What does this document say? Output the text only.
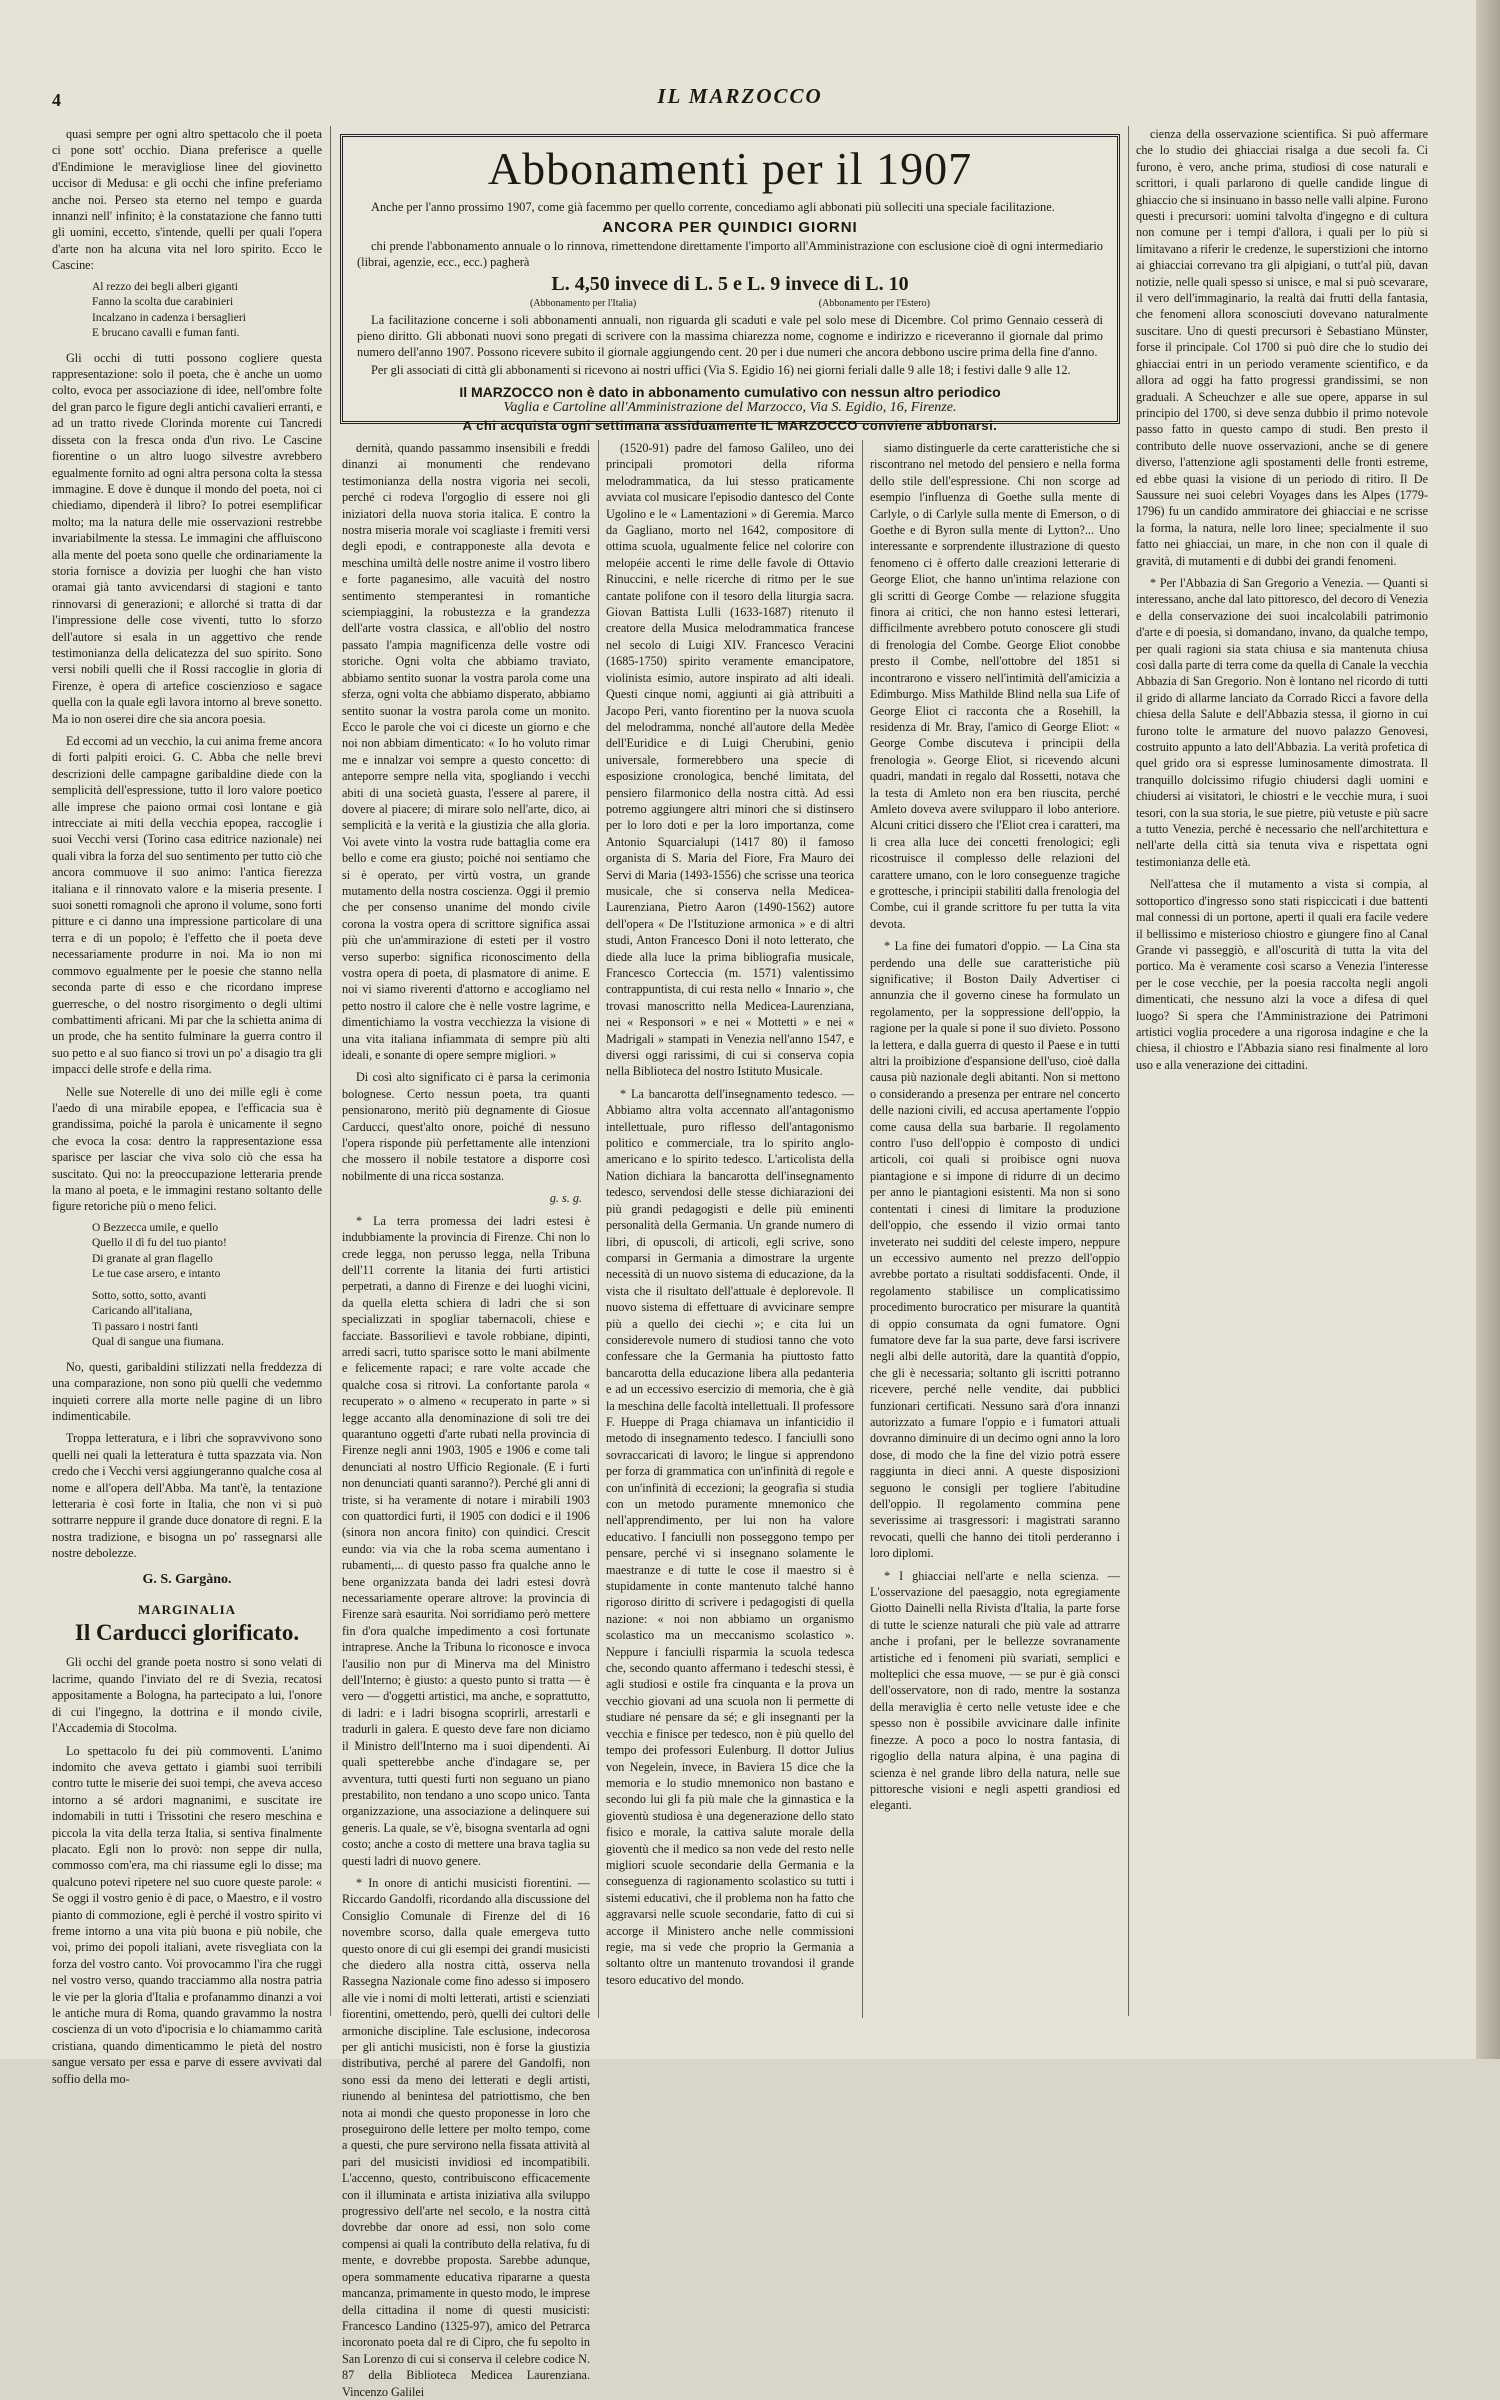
4	IL MARZOCCO

quasi sempre per ogni altro spettacolo che il poeta ci pone sott' occhio. Diana preferisce a quelle d'Endimione le meravigliose linee del giovinetto uccisor di Medusa: e gli occhi che infine preferiamo anche noi. Perseo sta eterno nel tempo e guarda innanzi nell' infinito; è la constatazione che fanno tutti gli uomini, eccetto, s'intende, quelli per quali l'opera d'arte non ha alcuna vita nel loro spirito. Ecco le Cascine:

Al rezzo dei begli alberi giganti
Fanno la scolta due carabinieri
Incalzano in cadenza i bersaglieri
E brucano cavalli e fuman fanti.

Gli occhi di tutti possono cogliere questa rappresentazione: solo il poeta, che è anche un uomo colto, evoca per associazione di idee, nell'ombre folte del gran parco le figure degli antichi cavalieri erranti, e ad un tratto rivede Clorinda morente cui Tancredi disseta con la fresca onda d'un rivo. Le Cascine fiorentine o un altro luogo silvestre avrebbero egualmente fornito ad ogni altra persona colta la stessa immagine. E dove è dunque il mondo del poeta, noi ci chiediamo, dipenderà il libro? Io potrei esemplificar molto; ma la natura delle mie osservazioni restrebbe invariabilmente la stessa. Le immagini che affluiscono alla mente del poeta sono quelle che ordinariamente la storia fornisce a dovizia per luoghi che han visto oramai già tanto avvicendarsi di stagioni e tanto rinnovarsi di generazioni; e allorché si tratta di dar l'impressione delle cose viventi, tutto lo sforzo dell'autore si esala in un aggettivo che rende testimonianza della delicatezza del suo spirito. Sono versi nobili quelli che il Rossi raccoglie in gloria di Firenze, è opera di artefice coscienzioso e sagace quella con la quale egli lavora intorno al breve sonetto. Ma io non oserei dire che sia ancora poesia.

Ed eccomi ad un vecchio, la cui anima freme ancora di forti palpiti eroici. G. C. Abba che nelle brevi descrizioni delle campagne garibaldine diede con la semplicità dell'espressione, tutto il loro valore poetico alle imprese che paiono ormai così lontane e già intrecciate ai miti della vecchia epopea, raccoglie i suoi Vecchi versi (Torino casa editrice nazionale) nei quali vibra la forza del suo sentimento per tutto ciò che ancora commuove il suo animo: l'antica fierezza italiana e il rinnovato valore e la miseria presente. I suoi sonetti romagnoli che aprono il volume, sono forti pitture e ci danno una impressione particolare di una terra e di un popolo; è l'effetto che il poeta deve necessariamente produrre in noi. Ma io non mi commovo egualmente per le poesie che stanno nella seconda parte di esso e che ricordano imprese guerresche, o del nostro risorgimento o degli ultimi combattimenti africani. Mi par che la schietta anima di un prode, che ha sentito fulminare la guerra contro il suo petto e al suo fianco si trovi un po' a disagio tra gli impacci delle strofe e della rima.

Nelle sue Noterelle di uno dei mille egli è come l'aedo di una mirabile epopea, e l'efficacia sua è grandissima, poiché la parola è unicamente il segno che evoca la cosa: dentro la rappresentazione essa sparisce per lasciar che viva solo ciò che essa ha suscitato. Qui no: la preoccupazione letteraria prende la mano al poeta, e le immagini restano soltanto delle figure retoriche più o meno felici.

O Bezzecca umile, e quello
Quello il dì fu del tuo pianto!
Di granate al gran flagello
Le tue case arsero, e intanto
Sotto, sotto, sotto, avanti
Caricando all'italiana,
Ti passaro i nostri fanti
Qual di sangue una fiumana.

No, questi, garibaldini stilizzati nella freddezza di una comparazione, non sono più quelli che vedemmo inquieti correre alla morte nelle pagine di un libro indimenticabile.

Troppa letteratura, e i libri che sopravvivono sono quelli nei quali la letteratura è tutta spazzata via. Non credo che i Vecchi versi aggiungeranno qualche cosa al nome e all'opera dell'Abba. Ma tant'è, la tentazione letteraria è così forte in Italia, che non vi si può sottrarre neppure il grande duce donatore di regni. E la nostra tradizione, e bisogna un po' rassegnarsi alle nostre debolezze.

G. S. Gargàno.
MARGINALIA
Il Carducci glorificato.

Gli occhi del grande poeta nostro si sono velati di lacrime, quando l'inviato del re di Svezia, recatosi appositamente a Bologna, ha partecipato a lui, l'onore di cui l'ingegno, la dottrina e il mondo civile, l'Accademia di Stocolma.

Lo spettacolo fu dei più commoventi. L'animo indomito che aveva gettato i giambi suoi terribili contro tutte le miserie dei suoi tempi, che aveva acceso intorno a sé ardori magnanimi, e suscitate ire indomabili in tutti i Trissotini che resero meschina e piccola la vita della terza Italia, si sentiva finalmente placato. Egli non lo provò: non seppe dir nulla, commosso com'era, ma chi riassume egli lo disse; ma qualcuno potevi ripetere nel suo cuore queste parole: « Se oggi il vostro genio è di pace, o Maestro, e il vostro pianto di commozione, egli è perché il vostro spirito vi freme intorno a una vita più buona e più nobile, che voi, primo dei popoli italiani, avete risvegliata con la forza del vostro canto. Voi provocammo l'ira che ruggì nel vostro verso, quando tracciammo alla nostra patria le vie per la gloria d'Italia e profanammo dinanzi a voi le antiche mura di Roma, quando gravammo la nostra coscienza di un voto d'ipocrisia e lo chiamammo carità cristiana, quando dimenticammo le pietà del nostro sangue versato per essa e parve di essere avvivati dal soffio della mo-

Abbonamenti per il 1907

Anche per l'anno prossimo 1907, come già facemmo per quello corrente, concediamo agli abbonati più solleciti una speciale facilitazione.

ANCORA PER QUINDICI GIORNI

chi prende l'abbonamento annuale o lo rinnova, rimettendone direttamente l'importo all'Amministrazione con esclusione cioè di ogni intermediario (librai, agenzie, ecc., ecc.) pagherà

L. 4,50 invece di L. 5 e L. 9 invece di L. 10
(Abbonamento per l'Italia)	(Abbonamento per l'Estero)

La facilitazione concerne i soli abbonamenti annuali, non riguarda gli scaduti e vale pel solo mese di Dicembre. Col primo Gennaio cesserà di pieno diritto. Gli abbonati nuovi sono pregati di scrivere con la massima chiarezza nome, cognome e indirizzo e riceveranno il giornale dal primo numero dell'anno 1907. Possono ricevere subito il giornale aggiungendo cent. 20 per i due numeri che ancora debbono uscire prima della fine d'anno.

Per gli associati di città gli abbonamenti si ricevono ai nostri uffici (Via S. Egidio 16) nei giorni feriali dalle 9 alle 18; i festivi dalle 9 alle 12.

Il MARZOCCO non è dato in abbonamento cumulativo con nessun altro periodico
Vaglia e Cartoline all'Amministrazione del Marzocco, Via S. Egidio, 16, Firenze.
A chi acquista ogni settimana assiduamente IL MARZOCCO conviene abbonarsi.

dernità, quando passammo insensibili e freddi dinanzi ai monumenti che rendevano testimonianza della nostra vigoria nei secoli, perché ci rodeva l'orgoglio di essere noi gli iniziatori della nuova storia italica. E contro la nostra miseria morale voi scagliaste i fremiti versi degli epodi, e contrapponeste alla devota e meschina umiltà delle nostre anime il vostro libero e forte paganesimo, alle vacuità del nostro sentimento stemperantesi in romantiche sciempiaggini, la robustezza e la grandezza dell'arte vostra classica, e all'oblio del nostro passato l'ampia magnificenza delle vostre odi storiche. Ogni volta che abbiamo traviato, abbiamo sentito suonar la vostra parola come una sferza, ogni volta che abbiamo disperato, abbiamo sentito suonar la vostra parola come un monito. Ecco le parole che voi ci diceste un giorno e che noi non abbiam dimenticato: « Io ho voluto rimar me e innalzar voi sempre a questo concetto: di anteporre sempre nella vita, spogliando i vecchi abiti di una società guasta, l'essere al parere, il dovere al piacere; di mirare solo nell'arte, dico, ai semplicità e la verità e la giustizia che alla gloria. Voi avete vinto la vostra rude battaglia come era bello e come era giusto; poiché noi sentiamo che si è operato, per virtù vostra, un grande mutamento della nostra coscienza. Oggi il premio che per consenso unanime del mondo civile corona la vostra opera di scrittore significa assai più che un'ammirazione di esteti per il vostro verso superbo: significa riconoscimento della vostra opera di poeta, di plasmatore di anime. E noi vi siamo riverenti d'attorno e accogliamo nel petto nostro il calore che è nelle vostre lagrime, e dimentichiamo la vostra vecchiezza la visione di una vita italiana infiammata di sempre più alti ideali, e sonante di opere sempre migliori. »

Di così alto significato ci è parsa la cerimonia bolognese. Certo nessun poeta, tra quanti pensionarono, meritò più degnamente di Giosue Carducci, quest'alto onore, poiché di nessuno l'opera risponde più perfettamente alle intenzioni che mossero il nobile testatore a disporre così nobilmente di una ricca sostanza.

g. s. g.

* La terra promessa dei ladri estesi è indubbiamente la provincia di Firenze. Chi non lo crede legga, non perusso legga, nella Tribuna dell'11 corrente la litania dei furti artistici perpetrati, a danno di Firenze e dei luoghi vicini, da quella eletta schiera di ladri che si son specializzati in spogliar tabernacoli, chiese e facciate. Bassorilievi e tavole robbiane, dipinti, arredi sacri, tutto sparisce sotto le mani abilmente e felicemente rapaci; e rare volte accade che qualche cosa si ritrovi. La confortante parola « recuperato » o almeno « recuperato in parte » si legge accanto alla denominazione di soli tre dei quarantuno oggetti d'arte rubati nella provincia di Firenze negli anni 1903, 1905 e 1906 e come tali denunciati al nostro Ufficio Regionale. (E i furti non denunciati quanti saranno?). Perché gli anni di triste, si ha veramente di notare i mirabili 1903 con quattordici furti, il 1905 con dodici e il 1906 (sinora non ancora finito) con quindici. Crescit eundo: via via che la roba scema aumentano i rubamenti,... di questo passo fra qualche anno le bene organizzata banda dei ladri estesi dovrà necessariamente operare altrove: la provincia di Firenze sarà esaurita. Noi sorridiamo però mettere fin d'ora qualche impedimento a così fortunate intraprese. Anche la Tribuna lo riconosce e invoca l'ausilio non pur di Minerva ma del Ministro dell'Interno; è giusto: a questo punto si tratta — è vero — d'oggetti artistici, ma anche, e soprattutto, di ladri: e i ladri bisogna scoprirli, arrestarli e tradurli in galera. E questo deve fare non diciamo il Ministro dell'Interno ma i suoi dipendenti. Ai quali spetterebbe anche d'indagare se, per avventura, tutti questi furti non seguano un piano prestabilito, non tendano a uno scopo unico. Tanta organizzazione, una associazione a delinquere sui generis. La quale, se v'è, bisogna sventarla ad ogni costo; anche a costo di mettere una brava taglia su questi ladri di nuovo genere.

* In onore di antichi musicisti fiorentini. — Riccardo Gandolfi, ricordando alla discussione del Consiglio Comunale di Firenze del di 16 novembre scorso, dalla quale emergeva tutto questo onore di cui gli esempi dei grandi musicisti che diedero alla nostra città, osserva nella Rassegna Nazionale come fino adesso si imposero alle vie i nomi di molti letterati, artisti e scienziati fiorentini, omettendo, però, quelli dei cultori delle armoniche discipline. Tale esclusione, indecorosa per gli antichi musicisti, non è forse la giustizia distributiva, perché al parere del Gandolfi, non sono essi da meno dei letterati e degli artisti, riunendo al benintesa del patriottismo, che ben nota ai mondi che questo proponesse in loro che proseguirono delle lettere per molto tempo, come a questi, che pure servirono nella fissata attività al pari del musicisti invidiosi ed incompatibili. L'accenno, questo, contribuiscono efficacemente con il illuminata e artista iniziativa alla sviluppo progressivo dell'arte nel secolo, e la nostra città dovrebbe dar onore ad essi, non solo come compensi ai quali la contributo della relativa, fu di mente, e dovrebbe proposta. Sarebbe adunque, opera sommamente educativa ripararne a questa mancanza, primamente in questo modo, le imprese della cittadina il nome di questi musicisti: Francesco Landino (1325-97), amico del Petrarca incoronato poeta dal re di Cipro, che fu sepolto in San Lorenzo di cui si conserva il celebre codice N. 87 della Biblioteca Medicea Laurenziana. Vincenzo Galilei

(1520-91) padre del famoso Galileo, uno dei principali promotori della riforma melodrammatica, da lui stesso praticamente avviata col musicare l'episodio dantesco del Conte Ugolino e le « Lamentazioni » di Geremia. Marco da Gagliano, morto nel 1642, compositore di ottima scuola, ugualmente felice nel colorire con melopéie accenti le rime delle favole di Ottavio Rinuccini, e nelle ricerche di ritmo per le sue cantate polifone con il tesoro della liturgia sacra. Giovan Battista Lulli (1633-1687) ritenuto il creatore della Musica melodrammatica francese nel secolo di Luigi XIV. Francesco Veracini (1685-1750) spirito veramente emancipatore, violinista esimio, autore inspirato ad alti ideali. Questi cinque nomi, aggiunti ai già attribuiti a Jacopo Peri, vanto fiorentino per la nuova scuola del melodramma, nonché all'autore della Medèe dell'Euridice e di Luigi Cherubini, genio universale, formerebbero una specie di esposizione cronologica, benché limitata, del pensiero filarmonico della nostra città. Ad essi potremo aggiungere altri minori che si distinsero per lo loro doti e per la loro importanza, come Antonio Squarcialupi (1417 80) il famoso organista di S. Maria del Fiore, Fra Mauro dei Servi di Maria (1493-1556) che scrisse una teorica musicale, che si conserva nella Medicea-Laurenziana, Pietro Aaron (1490-1562) autore dell'opera « De l'Istituzione armonica » e di altri studi, Anton Francesco Doni il noto letterato, che diede alla luce la prima bibliografia musicale, Francesco Corteccia (m. 1571) valentissimo contrappuntista, di cui resta nello « Innario », che trovasi manoscritto nella Medicea-Laurenziana, nei « Responsori » e nei « Mottetti » e nei « Madrigali » stampati in Venezia nell'anno 1547, e diversi oggi rarissimi, di cui si conserva copia nella Biblioteca del nostro Istituto Musicale.

* La bancarotta dell'insegnamento tedesco. — Abbiamo altra volta accennato all'antagonismo intellettuale, puro riflesso dell'antagonismo politico e commerciale, tra lo spirito anglo-americano e lo spirito tedesco. L'articolista della Nation dichiara la bancarotta dell'insegnamento tedesco, servendosi delle stesse dichiarazioni dei più grandi pedagogisti e delle più eminenti personalità della Germania. Un grande numero di libri, di opuscoli, di articoli, egli scrive, sono comparsi in Germania a dimostrare la urgente necessità di un nuovo sistema di educazione, da la vista che il risultato dell'attuale è deplorevole. Il nuovo sistema di effettuare di avvicinare sempre più a quello dei ciechi »; e cita lui un considerevole numero di studiosi tanno che voto confessare che la Germania ha piuttosto fatto bancarotta della educazione libera alla pedanteria e ad un eccessivo esercizio di memoria, che è già la meschina delle facoltà intellettuali. Il professore F. Hueppe di Praga chiamava un infanticidio il metodo di insegnamento tedesco. I fanciulli sono sovraccaricati di lavoro; le lingue si apprendono per forza di grammatica con un'infinità di regole e con un'infinità di eccezioni; la geografia si studia con un metodo puramente mnemonico che nell'apprendimento, per lui non ha valore educativo. I fanciulli non posseggono tempo per pensare, perché vi si insegnano solamente le maestranze e di tutte le cose il maestro si è stupidamente in conte mantenuto talché hanno rigoroso diritto di scrivere i pedagogisti di quella nazione: « noi non abbiamo un organismo scolastico ma un meccanismo scolastico ». Neppure i fanciulli risparmia la scuola tedesca che, secondo quanto affermano i tedeschi stessi, è agli studiosi e ostile fra cinquanta e la prova un vecchio giovani ad una scuola non li permette di studiare né pensare da sé; e gli insegnanti per la vecchia e finisce per tedesco, non è più quello del tempo dei professori Eulenburg. Il dottor Julius von Negelein, invece, in Baviera 15 dice che la memoria e lo studio mnemonico non bastano e secondo lui gli fa più male che la ginnastica e la gioventù studiosa è una degenerazione dello stato fisico e morale, la cattiva salute morale della gioventù che il medico sa non vede del resto nelle migliori scuole secondarie della Germania e la conseguenza di ragionamento scolastico su tutti i sistemi educativi, che il problema non ha fatto che aggravarsi nelle scuole secondarie, fatto di cui si accorge il Ministero anche nelle commissioni regie, ma si vede che proprio la Germania a soltanto oltre un mantenuto trovandosi il grande tesoro educativo del mondo.

siamo distinguerle da certe caratteristiche che si riscontrano nel metodo del pensiero e nella forma dello stile dell'espressione. Chi non scorge ad esempio l'influenza di Goethe sulla mente di Carlyle, o di Carlyle sulla mente di Emerson, o di Goethe e di Byron sulla mente di Lytton?... Uno interessante e sorprendente illustrazione di questo fenomeno ci è offerto dalle creazioni letterarie di George Eliot, che hanno un'intima relazione con gli scritti di George Combe — relazione sfuggita finora ai critici, che non hanno estesi letterari, difficilmente avrebbero potuto conoscere gli studi di frenologia del Combe. George Eliot conobbe presto il Combe, nell'ottobre del 1851 si incontrarono e vissero nell'intimità dell'amicizia a Edimburgo. Miss Mathilde Blind nella sua Life of George Eliot ci racconta che a Rosehill, la residenza di Mr. Bray, l'amico di George Eliot: « George Combe discuteva i principii della frenologia ». George Eliot, si ricevendo alcuni quadri, mandati in regalo dal Rossetti, notava che la testa di Amleto non era ben riuscita, perché Amleto doveva avere svilupparo il lobo anteriore. Alcuni critici dissero che l'Eliot crea i caratteri, ma li crea alla luce dei concetti frenologici; egli ricostruisce il complesso delle relazioni del carattere umano, con le loro conseguenze tragiche e grottesche, i principii stabiliti dalla frenologia del Combe, cui il grande scrittore fu per tutta la vita devota.

* La fine dei fumatori d'oppio. — La Cina sta perdendo una delle sue caratteristiche più significative; il Boston Daily Advertiser ci annunzia che il governo cinese ha formulato un regolamento, per la soppressione dell'oppio, la ragione per la quale si pone il suo divieto. Possono la lettera, e dalla guerra di questo il Paese e in tutti altri la proibizione d'espansione dell'uso, cioè dalla causa più nazionale degli abitanti. Non si mettono o considerando a presenza per entrare nel concerto delle nazioni civili, ed accusa apertamente l'oppio come causa della sua barbarie. Il regolamento contro l'uso dell'oppio è composto di undici articoli, coi quali si proibisce ogni nuova piantagione e si impone di ridurre di un decimo per anno le piantagioni esistenti. Ma non si sono contentati i cinesi di limitare la produzione dell'oppio, che essendo il vizio ormai tanto inveterato nei sudditi del celeste impero, neppure un eccessivo aumento nel prezzo dell'oppio avrebbe portato a risultati soddisfacenti. Onde, il regolamento stabilisce un complicatissimo procedimento burocratico per misurare la quantità di oppio consumata da ogni fumatore. Ogni fumatore deve far la sua parte, deve farsi iscrivere negli albi delle autorità, dare la quantità d'oppio, che gli è necessaria; soltanto gli iscritti potranno ricevere, perché nelle vendite, dai pubblici funzionari certificati. Nessuno sarà d'ora innanzi autorizzato a fumare l'oppio e i fumatori attuali dovranno diminuire di un decimo ogni anno la loro dose, di modo che la fine del vizio potrà essere raggiunta in dieci anni. A queste disposizioni seguono le consigli per togliere l'abitudine dell'oppio. Il regolamento commina pene severissime ai trasgressori: i magistrati saranno revocati, quelli che hanno dei titoli perderanno i loro diplomi.

* I ghiacciai nell'arte e nella scienza. — L'osservazione del paesaggio, nota egregiamente Giotto Dainelli nella Rivista d'Italia, la parte forse di tutte le scienze naturali che più vale ad attrarre anche i profani, per le bellezze sovranamente artistiche ed i fenomeni più svariati, semplici e molteplici che essa muove, — se pur è già consci dell'osservatore, non di rado, mentre la sostanza della meraviglia è certo nelle vetuste idee e che spesso non è possibile avvicinare dalle infinite finezze. A poco a poco lo nostra fantasia, di rigoglio della natura alpina, è una pagina di scienza è nel grande libro della natura, nelle sue pittoresche visioni e negli aspetti grandiosi ed eleganti.

cienza della osservazione scientifica. Si può affermare che lo studio dei ghiacciai risalga a due secoli fa. Ci furono, è vero, anche prima, studiosi di cose naturali e scrittori, i quali parlarono di quelle candide lingue di ghiaccio che si insinuano in basso nelle valli alpine. Furono questi i precursori: uomini talvolta d'ingegno e di cultura non comune per i tempi d'allora, i quali per lo più si limitavano a riferir le credenze, le superstizioni che intorno ai ghiacciai correvano tra gli alpigiani, o tutt'al più, davan notizie, nelle quali spesso si unisce, e mal si può scevarare, il vero dell'immaginario, la realtà dai frutti della fantasia, che fenomeni allora sconosciuti dovevano naturalmente suscitare. Uno di questi precursori è Sebastiano Münster, forse il principale. Col 1700 si può dire che lo studio dei ghiacciai entri in un periodo veramente scientifico, e da allora ad oggi ha fatto progressi grandissimi, se non graduali. A Scheuchzer e alle sue opere, apparse in sul principio del 1700, si deve senza dubbio il primo notevole passo fatto in questo campo di studi. Ben presto il contributo delle nuove osservazioni, anche se di genere diverso, l'attenzione agli spostamenti delle fronti estreme, ed ebbe quasi la visione di un periodo di ritiro. Il De Saussure nei suoi celebri Voyages dans les Alpes (1779-1796) fu un candido ammiratore dei ghiacciai e ne scrisse la forma, la natura, nelle loro linee; specialmente il suo fatto nei ghiacciai, un mare, in che non con il quale di gravità, di mutamenti e di dubbi dei grandi fenomeni.

* Per l'Abbazia di San Gregorio a Venezia. — Quanti si interessano, anche dal lato pittoresco, del decoro di Venezia e della conservazione dei suoi incalcolabili patrimonio d'arte e di poesia, si domandano, invano, da qualche tempo, per quali ragioni sia stata chiusa e sia mantenuta chiusa così dalla parte di terra come da quella di Canale la vecchia Abbazia di San Gregorio. Non è lontano nel ricordo di tutti il grido di allarme lanciato da Corrado Ricci a favore della chiesa della Salute e dell'Abbazia stessa, il giorno in cui furono tolte le armature del nuovo palazzo Genovesi, costruito appunto a lato dell'Abbazia. La verità profetica di quel grido ora si espresse luminosamente dimostrata. Il tranquillo dolcissimo rifugio chiudersi dagli uomini e chiudersi ai visitatori, le chiostri e le vecchie mura, i suoi tesori, con la sua storia, le sue pietre, più vetuste e più sacre a tutto Venezia, perché è necessario che nell'architettura e nell'arte della città sia tenuta viva e rispettata ogni testimonianza delle età.

Nell'attesa che il mutamento a vista si compia, al sottoportico d'ingresso sono stati rispiccicati i due battenti mal connessi di un portone, aperti il quali era facile vedere il bellissimo e misterioso chiostro e giungere fino al Canal Grande vi passeggiò, e all'oscurità di tutta la vita del portico. Ma è veramente così scarso a Venezia l'interesse per le cose vecchie, per la poesia raccolta negli angoli dimenticati, che nessuno alzi la voce a difesa di quel luogo? Si spera che l'Amministrazione dei Patrimoni artistici voglia procedere a una rigorosa indagine e che la chiesa, il chiostro e l'Abbazia siano resi finalmente al loro uso e alla venerazione dei cittadini.
